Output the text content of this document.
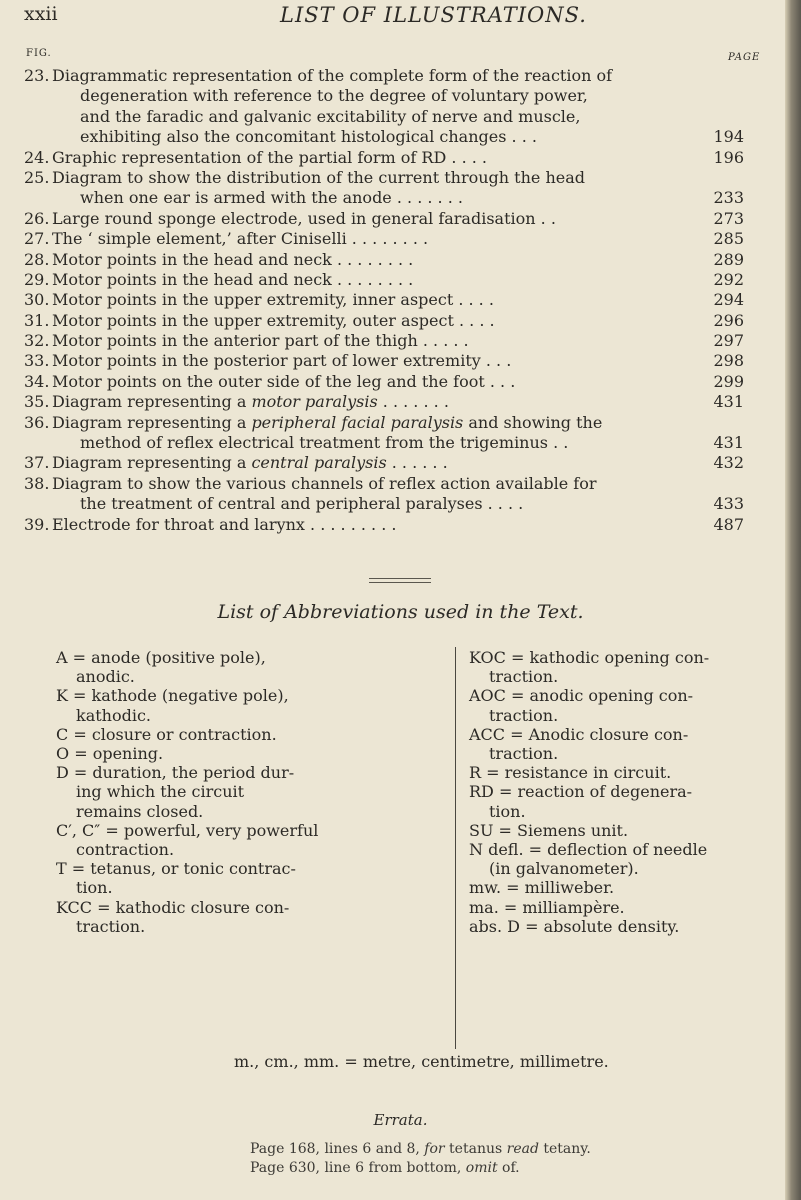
xxii	LIST OF ILLUSTRATIONS.
FIG.	PAGE
23. Diagrammatic representation of the complete form of the reaction of
degeneration with reference to the degree of voluntary power,
and the faradic and galvanic excitability of nerve and muscle,
exhibiting also the concomitant histological changes . . .	194
24. Graphic representation of the partial form of RD . . . .	196
25. Diagram to show the distribution of the current through the head
when one ear is armed with the anode . . . . . . .	233
26. Large round sponge electrode, used in general faradisation . .	273
27. The ‘ simple element,’ after Ciniselli . . . . . . . .	285
28. Motor points in the head and neck . . . . . . . .	289
29. Motor points in the head and neck . . . . . . . .	292
30. Motor points in the upper extremity, inner aspect . . . .	294
31. Motor points in the upper extremity, outer aspect . . . .	296
32. Motor points in the anterior part of the thigh . . . . .	297
33. Motor points in the posterior part of lower extremity . . .	298
34. Motor points on the outer side of the leg and the foot . . .	299
35. Diagram representing a motor paralysis . . . . . . .	431
36. Diagram representing a peripheral facial paralysis and showing the
method of reflex electrical treatment from the trigeminus . .	431
37. Diagram representing a central paralysis . . . . . .	432
38. Diagram to show the various channels of reflex action available for
the treatment of central and peripheral paralyses . . . .	433
39. Electrode for throat and larynx . . . . . . . . .	487
List of Abbreviations used in the Text.
A = anode (positive pole),
anodic.
K = kathode (negative pole),
kathodic.
C = closure or contraction.
O = opening.
D = duration, the period dur-
ing which the circuit
remains closed.
C′, C″ = powerful, very powerful
contraction.
T = tetanus, or tonic contrac-
tion.
KCC = kathodic closure con-
traction.
KOC = kathodic opening con-
traction.
AOC = anodic opening con-
traction.
ACC = Anodic closure con-
traction.
R = resistance in circuit.
RD = reaction of degenera-
tion.
SU = Siemens unit.
N defl. = deflection of needle
(in galvanometer).
mw. = milliweber.
ma. = milliampère.
abs. D = absolute density.
m., cm., mm. = metre, centimetre, millimetre.
Errata.
Page 168, lines 6 and 8, for tetanus read tetany.
Page 630, line 6 from bottom, omit of.
